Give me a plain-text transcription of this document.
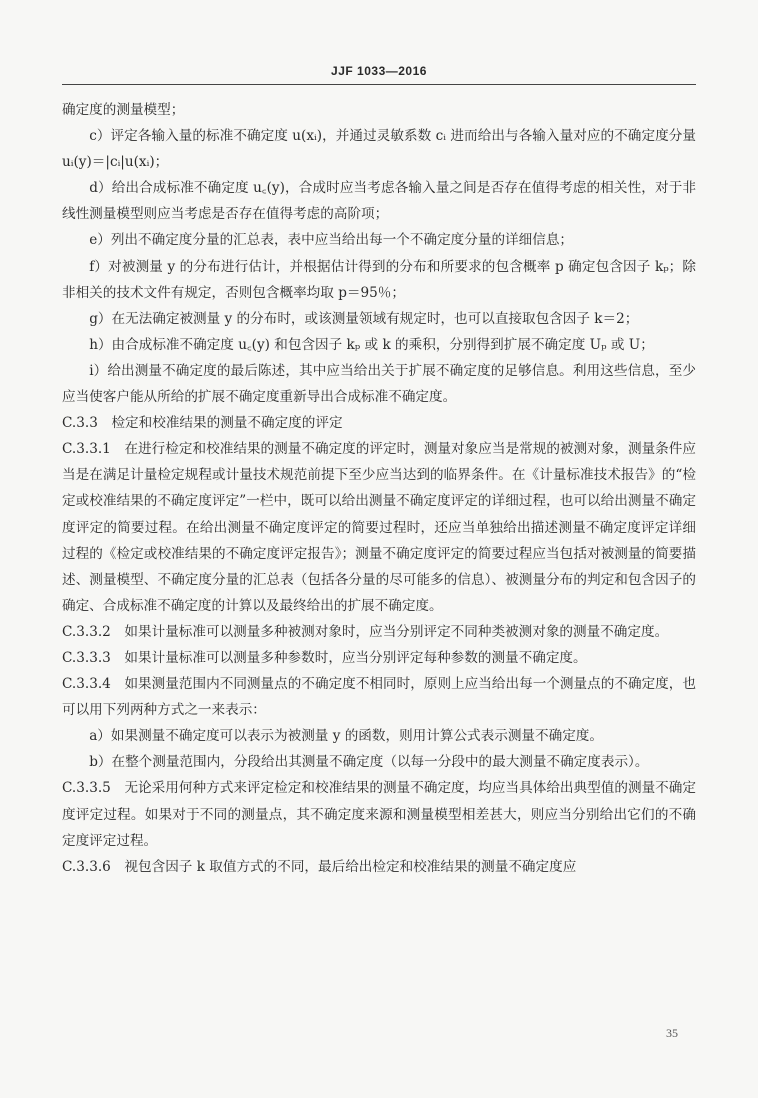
JJF 1033—2016

确定度的测量模型；

c）评定各输入量的标准不确定度 u(xᵢ)，并通过灵敏系数 cᵢ 进而给出与各输入量对应的不确定度分量 uᵢ(y)＝|cᵢ|u(xᵢ)；

d）给出合成标准不确定度 u꜀(y)，合成时应当考虑各输入量之间是否存在值得考虑的相关性，对于非线性测量模型则应当考虑是否存在值得考虑的高阶项；

e）列出不确定度分量的汇总表，表中应当给出每一个不确定度分量的详细信息；

f）对被测量 y 的分布进行估计，并根据估计得到的分布和所要求的包含概率 p 确定包含因子 kₚ；除非相关的技术文件有规定，否则包含概率均取 p＝95％；

g）在无法确定被测量 y 的分布时，或该测量领域有规定时，也可以直接取包含因子 k＝2；

h）由合成标准不确定度 u꜀(y) 和包含因子 kₚ 或 k 的乘积，分别得到扩展不确定度 Uₚ 或 U；

i）给出测量不确定度的最后陈述，其中应当给出关于扩展不确定度的足够信息。利用这些信息，至少应当使客户能从所给的扩展不确定度重新导出合成标准不确定度。

C.3.3　检定和校准结果的测量不确定度的评定

C.3.3.1　在进行检定和校准结果的测量不确定度的评定时，测量对象应当是常规的被测对象，测量条件应当是在满足计量检定规程或计量技术规范前提下至少应当达到的临界条件。在《计量标准技术报告》的“检定或校准结果的不确定度评定”一栏中，既可以给出测量不确定度评定的详细过程，也可以给出测量不确定度评定的简要过程。在给出测量不确定度评定的简要过程时，还应当单独给出描述测量不确定度评定详细过程的《检定或校准结果的不确定度评定报告》；测量不确定度评定的简要过程应当包括对被测量的简要描述、测量模型、不确定度分量的汇总表（包括各分量的尽可能多的信息）、被测量分布的判定和包含因子的确定、合成标准不确定度的计算以及最终给出的扩展不确定度。

C.3.3.2　如果计量标准可以测量多种被测对象时，应当分别评定不同种类被测对象的测量不确定度。

C.3.3.3　如果计量标准可以测量多种参数时，应当分别评定每种参数的测量不确定度。

C.3.3.4　如果测量范围内不同测量点的不确定度不相同时，原则上应当给出每一个测量点的不确定度，也可以用下列两种方式之一来表示：

a）如果测量不确定度可以表示为被测量 y 的函数，则用计算公式表示测量不确定度。

b）在整个测量范围内，分段给出其测量不确定度（以每一分段中的最大测量不确定度表示）。

C.3.3.5　无论采用何种方式来评定检定和校准结果的测量不确定度，均应当具体给出典型值的测量不确定度评定过程。如果对于不同的测量点，其不确定度来源和测量模型相差甚大，则应当分别给出它们的不确定度评定过程。

C.3.3.6　视包含因子 k 取值方式的不同，最后给出检定和校准结果的测量不确定度应

35
